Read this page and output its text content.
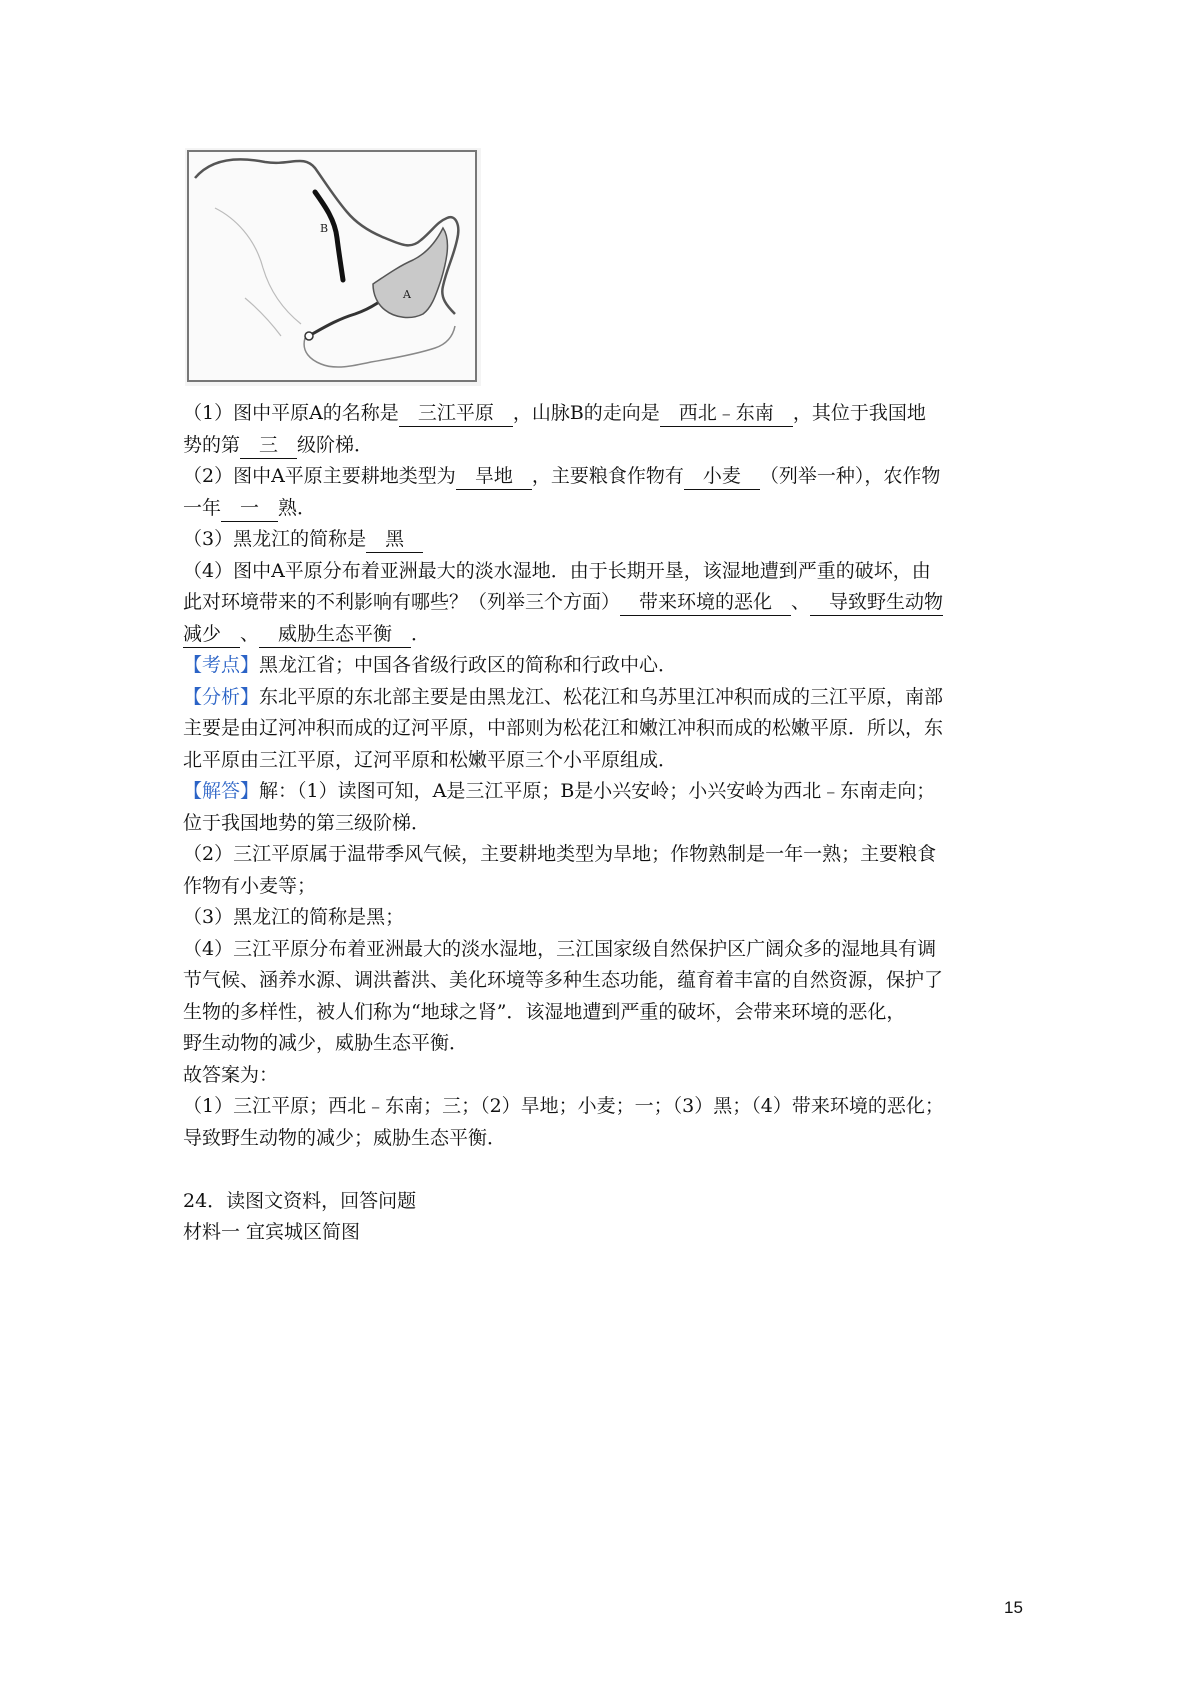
B
A
（1）图中平原A的名称是　三江平原　，山脉B的走向是　西北﹣东南　，其位于我国地
势的第　三　级阶梯．
（2）图中A平原主要耕地类型为　旱地　，主要粮食作物有　小麦　（列举一种），农作物
一年　一　熟．
（3）黑龙江的简称是　黑　
（4）图中A平原分布着亚洲最大的淡水湿地．由于长期开垦，该湿地遭到严重的破坏，由
此对环境带来的不利影响有哪些？（列举三个方面）　带来环境的恶化　、　导致野生动物
减少　、　威胁生态平衡　．
【考点】黑龙江省；中国各省级行政区的简称和行政中心．
【分析】东北平原的东北部主要是由黑龙江、松花江和乌苏里江冲积而成的三江平原，南部
主要是由辽河冲积而成的辽河平原，中部则为松花江和嫩江冲积而成的松嫩平原．所以，东
北平原由三江平原，辽河平原和松嫩平原三个小平原组成．
【解答】解：（1）读图可知，A是三江平原；B是小兴安岭；小兴安岭为西北﹣东南走向；
位于我国地势的第三级阶梯．
（2）三江平原属于温带季风气候，主要耕地类型为旱地；作物熟制是一年一熟；主要粮食
作物有小麦等；
（3）黑龙江的简称是黑；
（4）三江平原分布着亚洲最大的淡水湿地，三江国家级自然保护区广阔众多的湿地具有调
节气候、涵养水源、调洪蓄洪、美化环境等多种生态功能，蕴育着丰富的自然资源，保护了
生物的多样性，被人们称为“地球之肾”．该湿地遭到严重的破坏，会带来环境的恶化，
野生动物的减少，威胁生态平衡．
故答案为：
（1）三江平原；西北﹣东南；三；（2）旱地；小麦；一；（3）黑；（4）带来环境的恶化；
导致野生动物的减少；威胁生态平衡．
24．读图文资料，回答问题
材料一 宜宾城区简图
15
